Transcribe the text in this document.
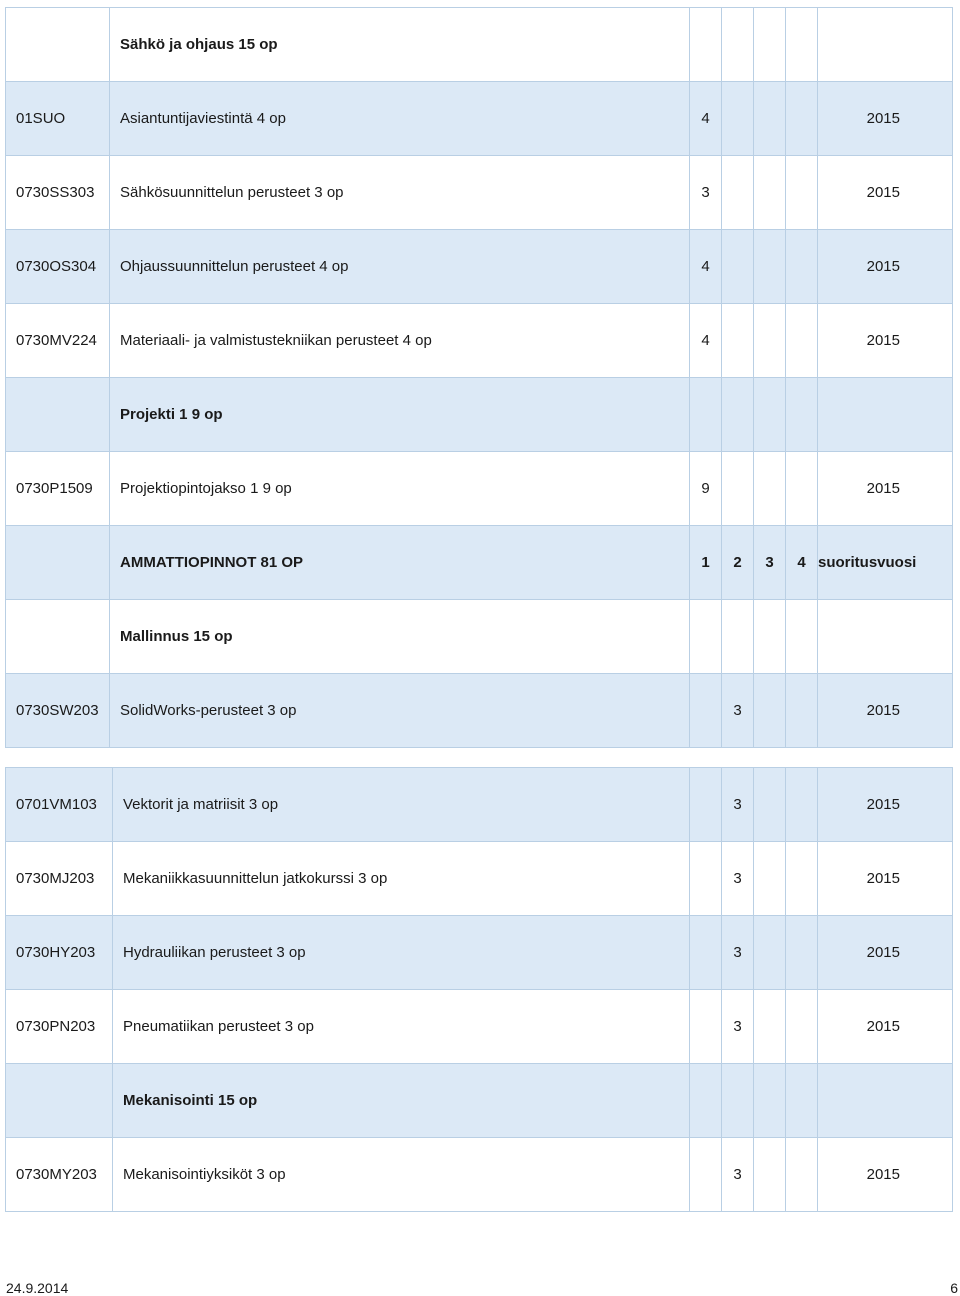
	Sähkö ja ohjaus 15 op					
01SUO	Asiantuntijaviestintä 4 op	4				2015
0730SS303	Sähkösuunnittelun perusteet 3 op	3				2015
0730OS304	Ohjaussuunnittelun perusteet 4 op	4				2015
0730MV224	Materiaali- ja valmistustekniikan perusteet 4 op	4				2015
	Projekti 1 9 op					
0730P1509	Projektiopintojakso 1 9 op	9				2015
	AMMATTIOPINNOT 81 OP	1	2	3	4	suoritusvuosi
	Mallinnus 15 op					
0730SW203	SolidWorks-perusteet 3 op		3			2015
0701VM103	Vektorit ja matriisit 3 op		3			2015
0730MJ203	Mekaniikkasuunnittelun jatkokurssi 3 op		3			2015
0730HY203	Hydrauliikan perusteet 3 op		3			2015
0730PN203	Pneumatiikan perusteet 3 op		3			2015
	Mekanisointi 15 op					
0730MY203	Mekanisointiyksiköt 3 op		3			2015
24.9.2014	6
